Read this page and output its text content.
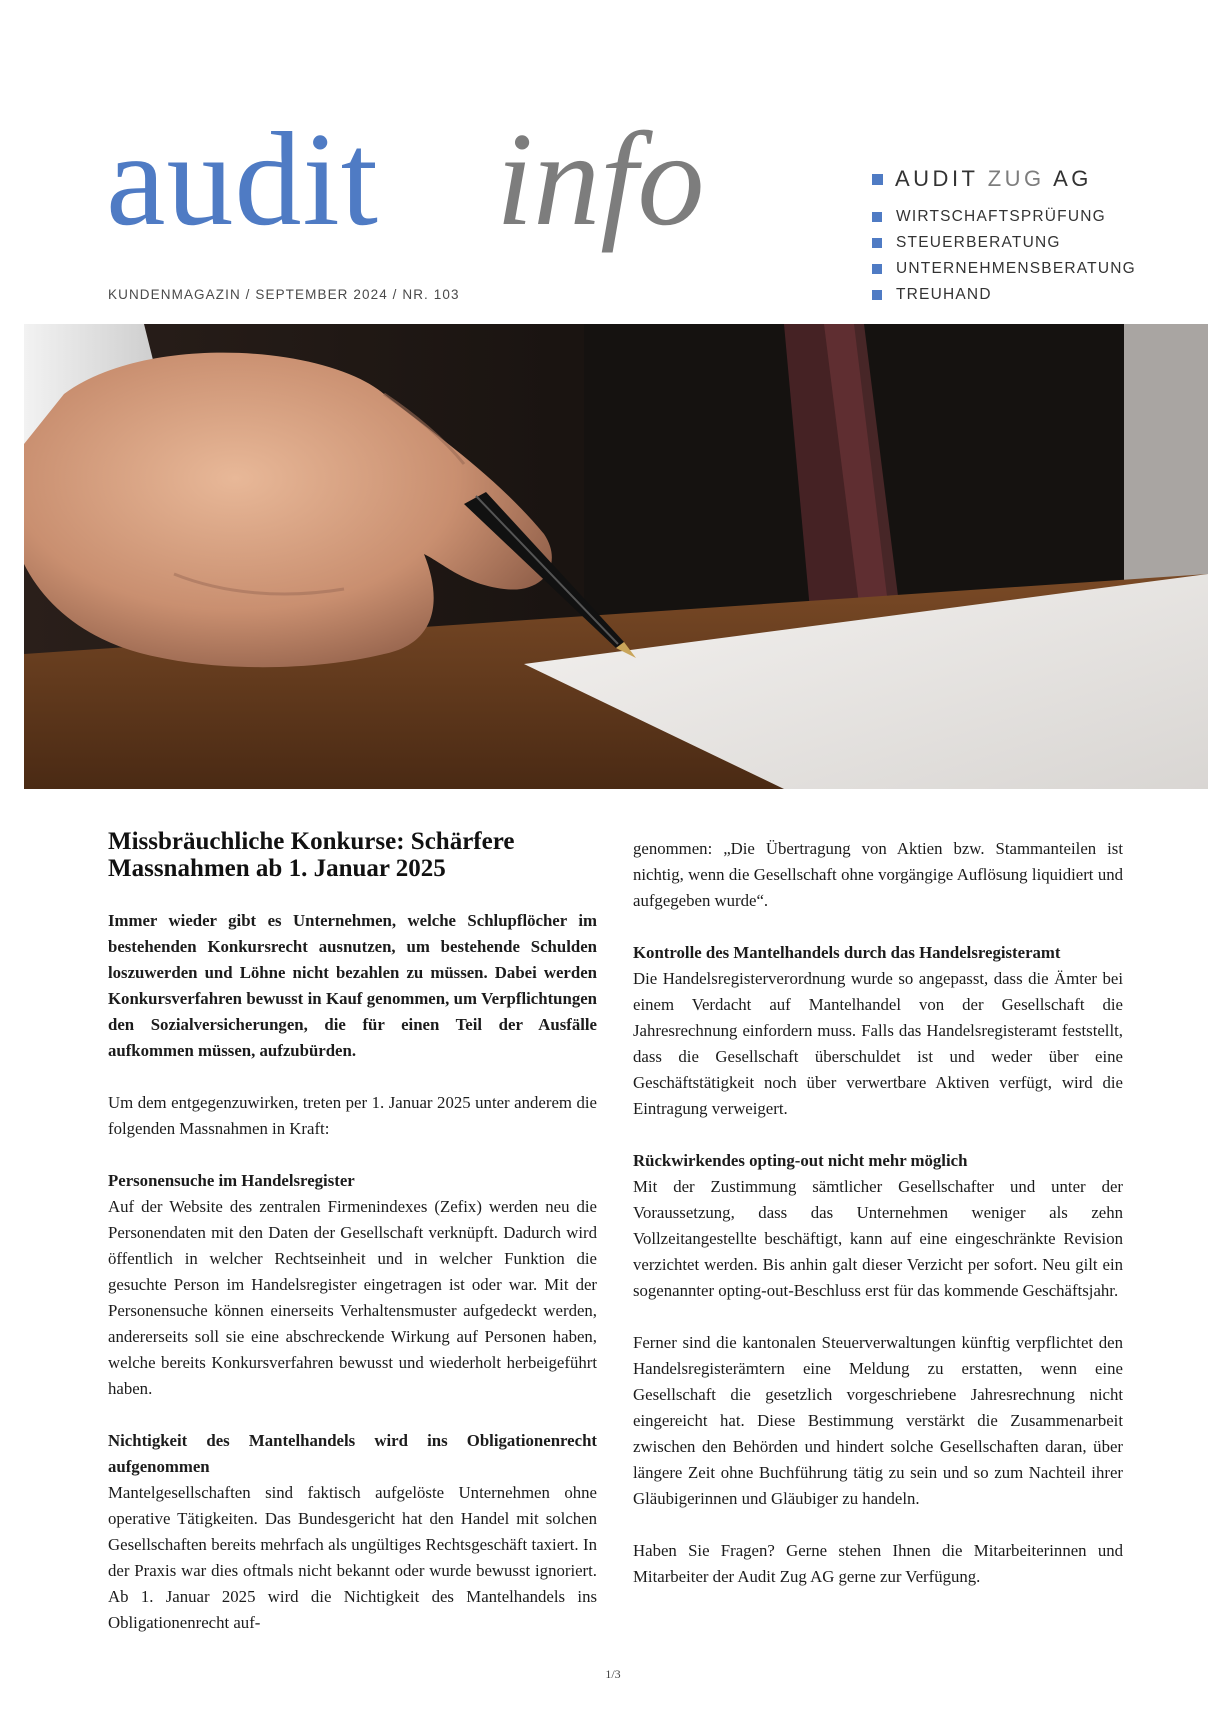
audit info
KUNDENMAGAZIN / SEPTEMBER 2024 / NR. 103
AUDIT ZUG AG
WIRTSCHAFTSPRÜFUNG
STEUERBERATUNG
UNTERNEHMENSBERATUNG
TREUHAND
Missbräuchliche Konkurse: Schärfere Massnahmen ab 1. Januar 2025

Immer wieder gibt es Unternehmen, welche Schlupflöcher im bestehenden Konkursrecht ausnutzen, um bestehende Schulden loszuwerden und Löhne nicht bezahlen zu müssen. Dabei werden Konkursverfahren bewusst in Kauf genommen, um Verpflichtungen den Sozialversicherungen, die für einen Teil der Ausfälle aufkommen müssen, aufzubürden.

Um dem entgegenzuwirken, treten per 1. Januar 2025 unter anderem die folgenden Massnahmen in Kraft:

Personensuche im Handelsregister

Auf der Website des zentralen Firmenindexes (Zefix) werden neu die Personendaten mit den Daten der Gesellschaft verknüpft. Dadurch wird öffentlich in welcher Rechtseinheit und in welcher Funktion die gesuchte Person im Handelsregister eingetragen ist oder war. Mit der Personensuche können einerseits Verhaltensmuster aufgedeckt werden, andererseits soll sie eine abschreckende Wirkung auf Personen haben, welche bereits Konkursverfahren bewusst und wiederholt herbeigeführt haben.

Nichtigkeit des Mantelhandels wird ins Obligationenrecht aufgenommen

Mantelgesellschaften sind faktisch aufgelöste Unternehmen ohne operative Tätigkeiten. Das Bundesgericht hat den Handel mit solchen Gesellschaften bereits mehrfach als ungültiges Rechtsgeschäft taxiert. In der Praxis war dies oftmals nicht bekannt oder wurde bewusst ignoriert. Ab 1. Januar 2025 wird die Nichtigkeit des Mantelhandels ins Obligationenrecht auf-

genommen: „Die Übertragung von Aktien bzw. Stammanteilen ist nichtig, wenn die Gesellschaft ohne vorgängige Auflösung liquidiert und aufgegeben wurde“.

Kontrolle des Mantelhandels durch das Handelsregisteramt

Die Handelsregisterverordnung wurde so angepasst, dass die Ämter bei einem Verdacht auf Mantelhandel von der Gesellschaft die Jahresrechnung einfordern muss. Falls das Handelsregisteramt feststellt, dass die Gesellschaft überschuldet ist und weder über eine Geschäftstätigkeit noch über verwertbare Aktiven verfügt, wird die Eintragung verweigert.

Rückwirkendes opting-out nicht mehr möglich

Mit der Zustimmung sämtlicher Gesellschafter und unter der Voraussetzung, dass das Unternehmen weniger als zehn Vollzeitangestellte beschäftigt, kann auf eine eingeschränkte Revision verzichtet werden. Bis anhin galt dieser Verzicht per sofort. Neu gilt ein sogenannter opting-out-Beschluss erst für das kommende Geschäftsjahr.

Ferner sind die kantonalen Steuerverwaltungen künftig verpflichtet den Handelsregisterämtern eine Meldung zu erstatten, wenn eine Gesellschaft die gesetzlich vorgeschriebene Jahresrechnung nicht eingereicht hat. Diese Bestimmung verstärkt die Zusammenarbeit zwischen den Behörden und hindert solche Gesellschaften daran, über längere Zeit ohne Buchführung tätig zu sein und so zum Nachteil ihrer Gläubigerinnen und Gläubiger zu handeln.

Haben Sie Fragen? Gerne stehen Ihnen die Mitarbeiterinnen und Mitarbeiter der Audit Zug AG gerne zur Verfügung.

1/3
